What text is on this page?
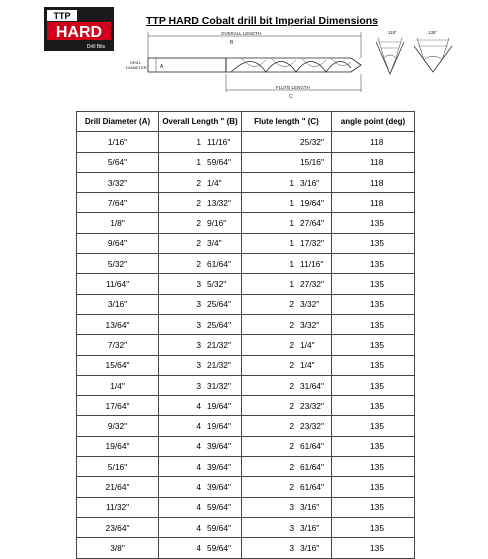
TTP
HARD
Drill Bits
TTP HARD Cobalt drill bit Imperial Dimensions
OVERALL LENGTH
B
A
DRILL
DIAMETER
FLUTE LENGTH
C
118°	135°
Drill Diameter (A)	Overall Length " (B)	Flute length " (C)	angle point (deg)
1/16"	1 11/16"	25/32"	118
5/64"	1 59/64"	15/16"	118
3/32"	2 1/4"	1 3/16"	118
7/64"	2 13/32"	1 19/64"	118
1/8"	2 9/16"	1 27/64"	135
9/64"	2 3/4"	1 17/32"	135
5/32"	2 61/64"	1 11/16"	135
11/64"	3 5/32"	1 27/32"	135
3/16"	3 25/64"	2 3/32"	135
13/64"	3 25/64"	2 3/32"	135
7/32"	3 21/32"	2 1/4"	135
15/64"	3 21/32"	2 1/4"	135
1/4"	3 31/32"	2 31/64"	135
17/64"	4 19/64"	2 23/32"	135
9/32"	4 19/64"	2 23/32"	135
19/64"	4 39/64"	2 61/64"	135
5/16"	4 39/64"	2 61/64"	135
21/64"	4 39/64"	2 61/64"	135
11/32"	4 59/64"	3 3/16"	135
23/64"	4 59/64"	3 3/16"	135
3/8"	4 59/64"	3 3/16"	135
